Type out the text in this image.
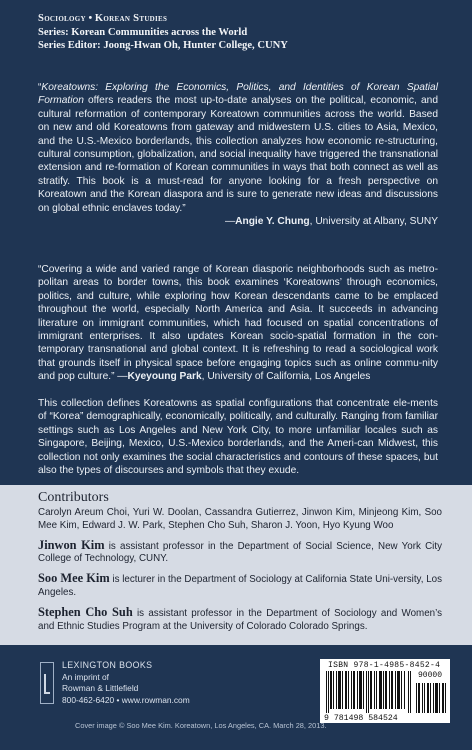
Sociology • Korean Studies
Series: Korean Communities across the World
Series Editor: Joong-Hwan Oh, Hunter College, CUNY
“Koreatowns: Exploring the Economics, Politics, and Identities of Korean Spatial Formation offers readers the most up-to-date analyses on the political, economic, and cultural reformation of contemporary Koreatown communities across the world. Based on new and old Koreatowns from gateway and midwestern U.S. cities to Asia, Mexico, and the U.S.-Mexico borderlands, this collection analyzes how economic re-structuring, cultural consumption, globalization, and social inequality have triggered the transnational extension and re-formation of Korean communities in ways that both connect as well as stratify. This book is a must-read for anyone looking for a fresh perspective on Koreatown and the Korean diaspora and is sure to generate new ideas and discussions on global ethnic enclaves today.”
—Angie Y. Chung, University at Albany, SUNY
“Covering a wide and varied range of Korean diasporic neighborhoods such as metro-politan areas to border towns, this book examines ‘Koreatowns’ through economics, politics, and culture, while exploring how Korean descendants came to be emplaced throughout the world, especially North America and Asia. It succeeds in advancing literature on immigrant communities, which had focused on spatial concentrations of immigrant enterprises. It also updates Korean socio-spatial formation in the con-temporary transnational and global context. It is refreshing to read a sociological work that grounds itself in physical space before engaging topics such as online commu-nity and pop culture.” —Kyeyoung Park, University of California, Los Angeles
This collection defines Koreatowns as spatial configurations that concentrate ele-ments of “Korea” demographically, economically, politically, and culturally. Ranging from familiar settings such as Los Angeles and New York City, to more unfamiliar locales such as Singapore, Beijing, Mexico, U.S.-Mexico borderlands, and the Ameri-can Midwest, this collection not only examines the social characteristics and contours of these spaces, but also the types of discourses and symbols that they exude.
Contributors

Carolyn Areum Choi, Yuri W. Doolan, Cassandra Gutierrez, Jinwon Kim, Minjeong Kim, Soo Mee Kim, Edward J. W. Park, Stephen Cho Suh, Sharon J. Yoon, Hyo Kyung Woo

Jinwon Kim is assistant professor in the Department of Social Science, New York City College of Technology, CUNY.

Soo Mee Kim is lecturer in the Department of Sociology at California State Uni-versity, Los Angeles.

Stephen Cho Suh is assistant professor in the Department of Sociology and Women’s and Ethnic Studies Program at the University of Colorado Colorado Springs.

LEXINGTON BOOKS
An imprint of
Rowman & Littlefield
800-462-6420 • www.rowman.com
ISBN 978-1-4985-8452-4
90000
9 781498 584524
Cover image © Soo Mee Kim. Koreatown, Los Angeles, CA. March 28, 2013.
